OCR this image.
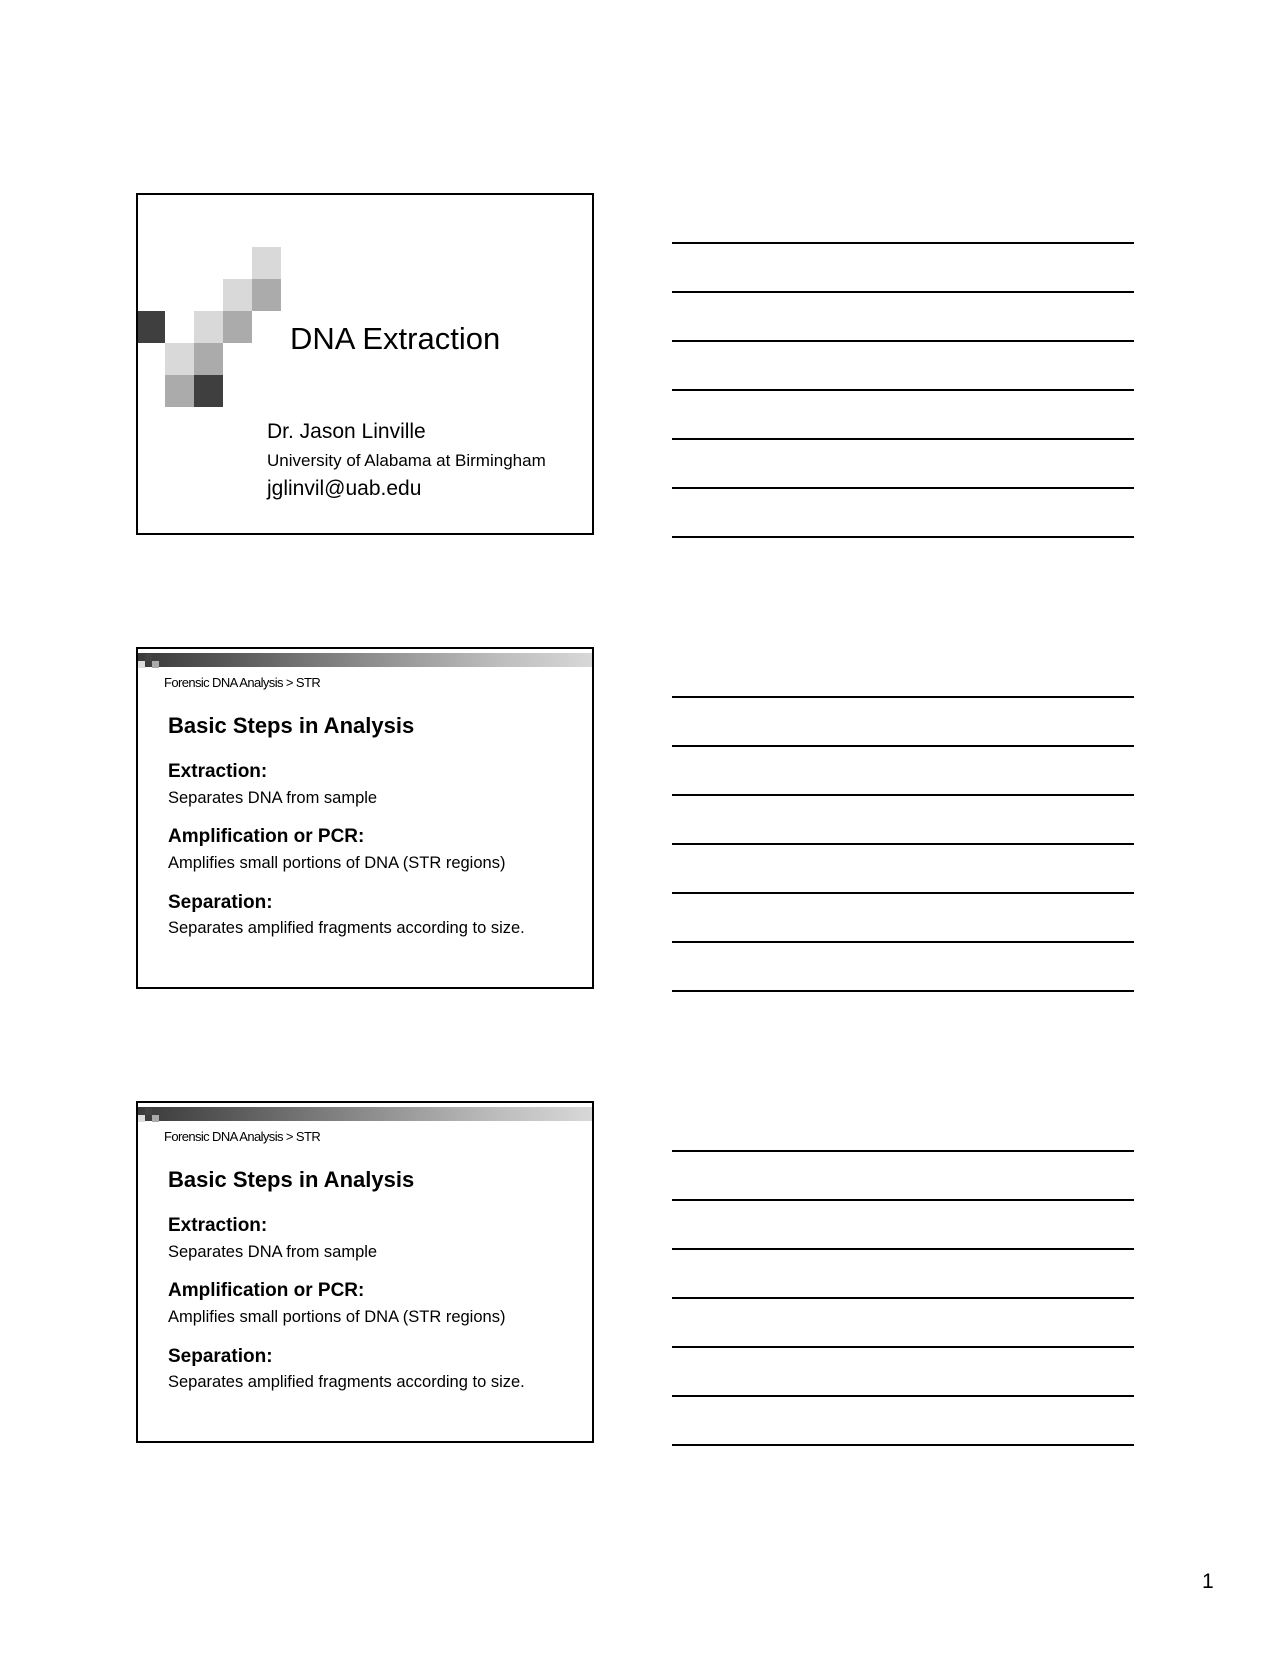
DNA Extraction
Dr. Jason Linville
University of Alabama at Birmingham
jglinvil@uab.edu
Forensic DNA Analysis > STR
Basic Steps in Analysis
Extraction:
Separates DNA from sample
Amplification or PCR:
Amplifies small portions of DNA (STR regions)
Separation:
Separates amplified fragments according to size.
Forensic DNA Analysis > STR
Basic Steps in Analysis
Extraction:
Separates DNA from sample
Amplification or PCR:
Amplifies small portions of DNA (STR regions)
Separation:
Separates amplified fragments according to size.
1
